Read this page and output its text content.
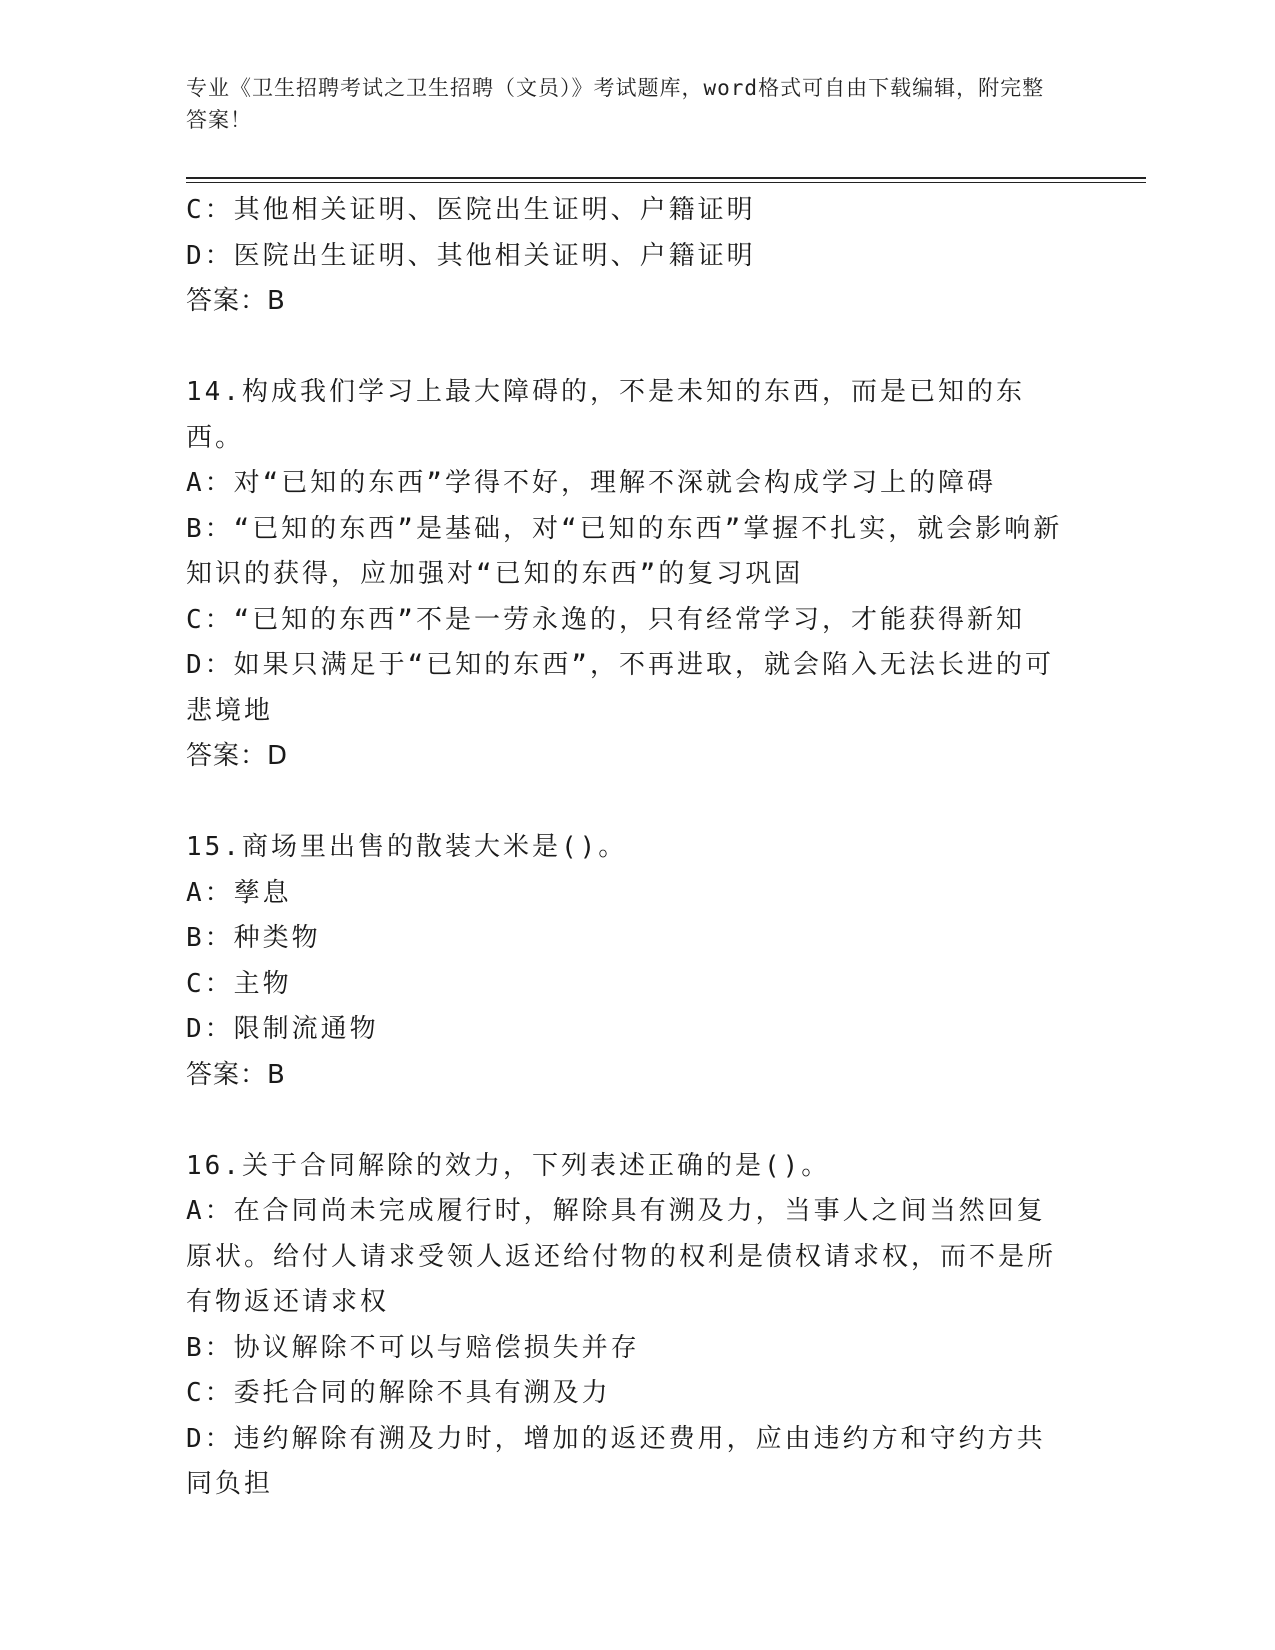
专业《卫生招聘考试之卫生招聘（文员）》考试题库，word格式可自由下载编辑，附完整答案！
C：其他相关证明、医院出生证明、户籍证明
D：医院出生证明、其他相关证明、户籍证明
答案：B
14.构成我们学习上最大障碍的，不是未知的东西，而是已知的东西。
A：对“已知的东西”学得不好，理解不深就会构成学习上的障碍
B：“已知的东西”是基础，对“已知的东西”掌握不扎实，就会影响新知识的获得，应加强对“已知的东西”的复习巩固
C：“已知的东西”不是一劳永逸的，只有经常学习，才能获得新知
D：如果只满足于“已知的东西”，不再进取，就会陷入无法长进的可悲境地
答案：D
15.商场里出售的散装大米是()。
A：孳息
B：种类物
C：主物
D：限制流通物
答案：B
16.关于合同解除的效力，下列表述正确的是()。
A：在合同尚未完成履行时，解除具有溯及力，当事人之间当然回复原状。给付人请求受领人返还给付物的权利是债权请求权，而不是所有物返还请求权
B：协议解除不可以与赔偿损失并存
C：委托合同的解除不具有溯及力
D：违约解除有溯及力时，增加的返还费用，应由违约方和守约方共同负担
